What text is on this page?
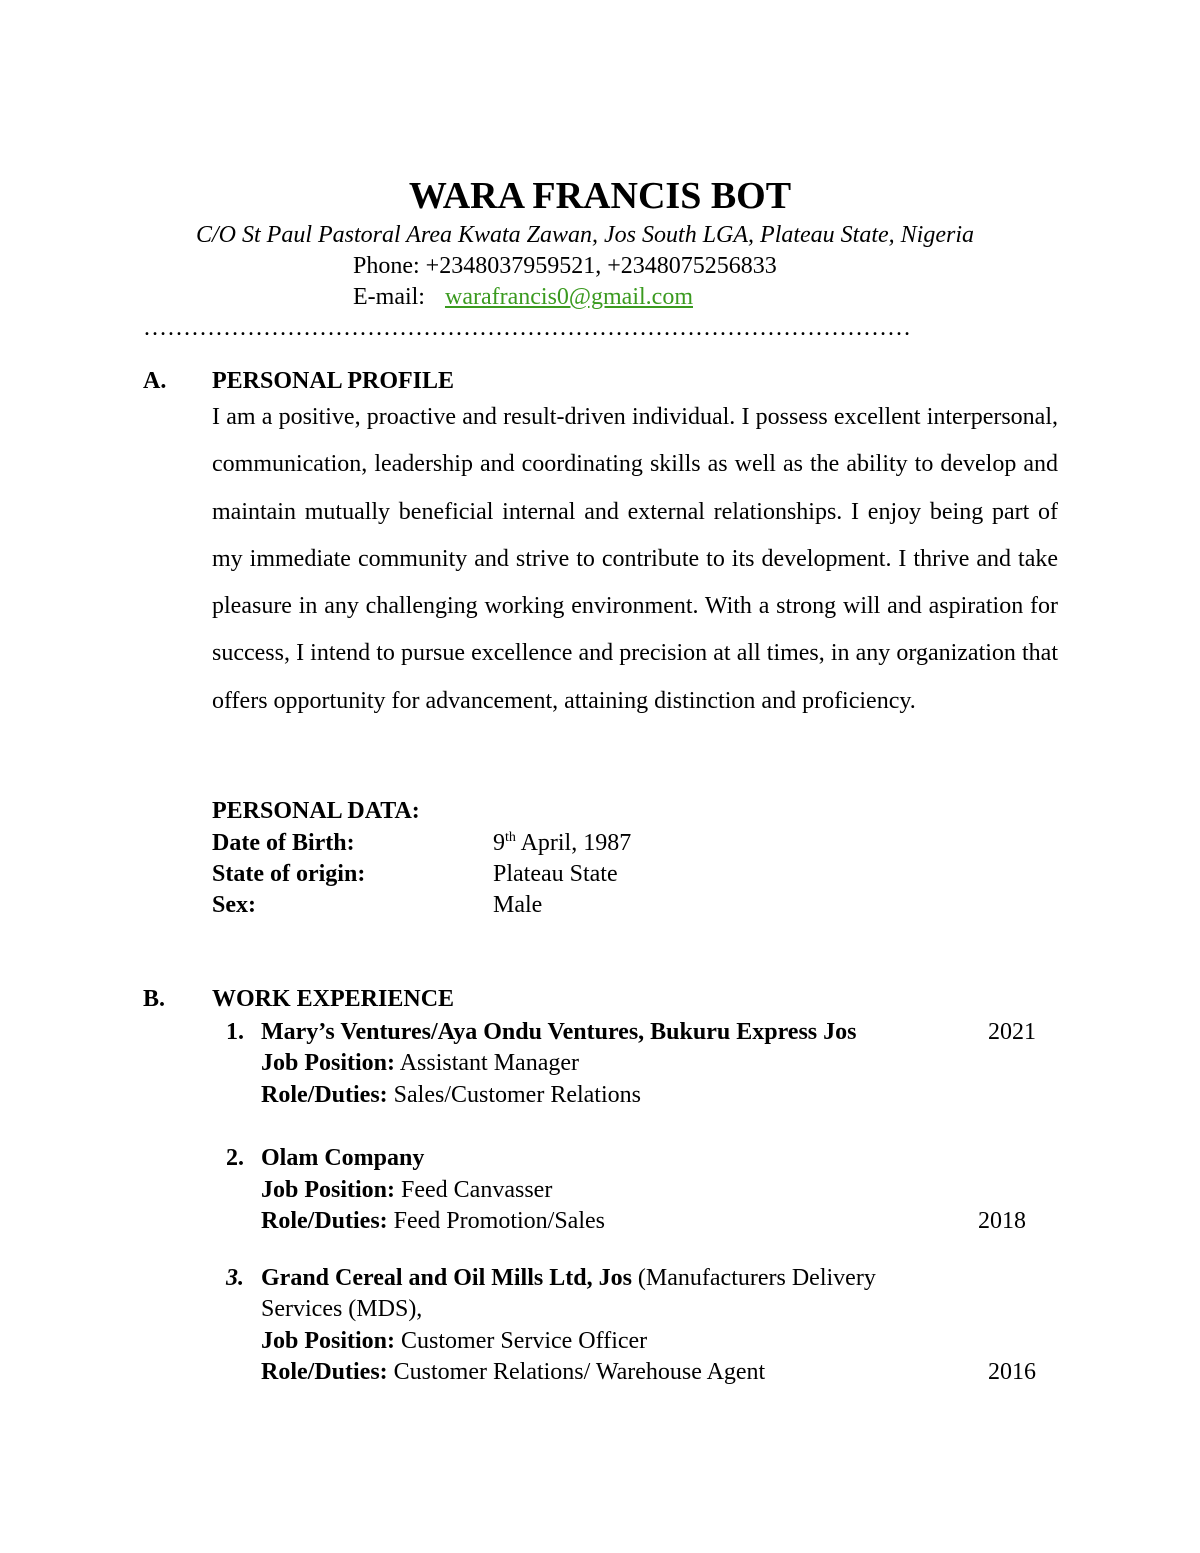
WARA FRANCIS BOT
C/O St Paul Pastoral Area Kwata Zawan, Jos South LGA, Plateau State, Nigeria
Phone: +2348037959521, +2348075256833
E-mail: warafrancis0@gmail.com
……………………………………………………………………………………
A. PERSONAL PROFILE
I am a positive, proactive and result-driven individual. I possess excellent interpersonal, communication, leadership and coordinating skills as well as the ability to develop and maintain mutually beneficial internal and external relationships. I enjoy being part of my immediate community and strive to contribute to its development. I thrive and take pleasure in any challenging working environment. With a strong will and aspiration for success, I intend to pursue excellence and precision at all times, in any organization that offers opportunity for advancement, attaining distinction and proficiency.
PERSONAL DATA:
Date of Birth:	9th April, 1987
State of origin:	Plateau State
Sex:	Male
B. WORK EXPERIENCE
1. Mary’s Ventures/Aya Ondu Ventures, Bukuru Express Jos	2021
Job Position: Assistant Manager
Role/Duties: Sales/Customer Relations
2. Olam Company
Job Position: Feed Canvasser
Role/Duties: Feed Promotion/Sales	2018
3. Grand Cereal and Oil Mills Ltd, Jos (Manufacturers Delivery
Services (MDS),
Job Position: Customer Service Officer
Role/Duties: Customer Relations/ Warehouse Agent	2016
